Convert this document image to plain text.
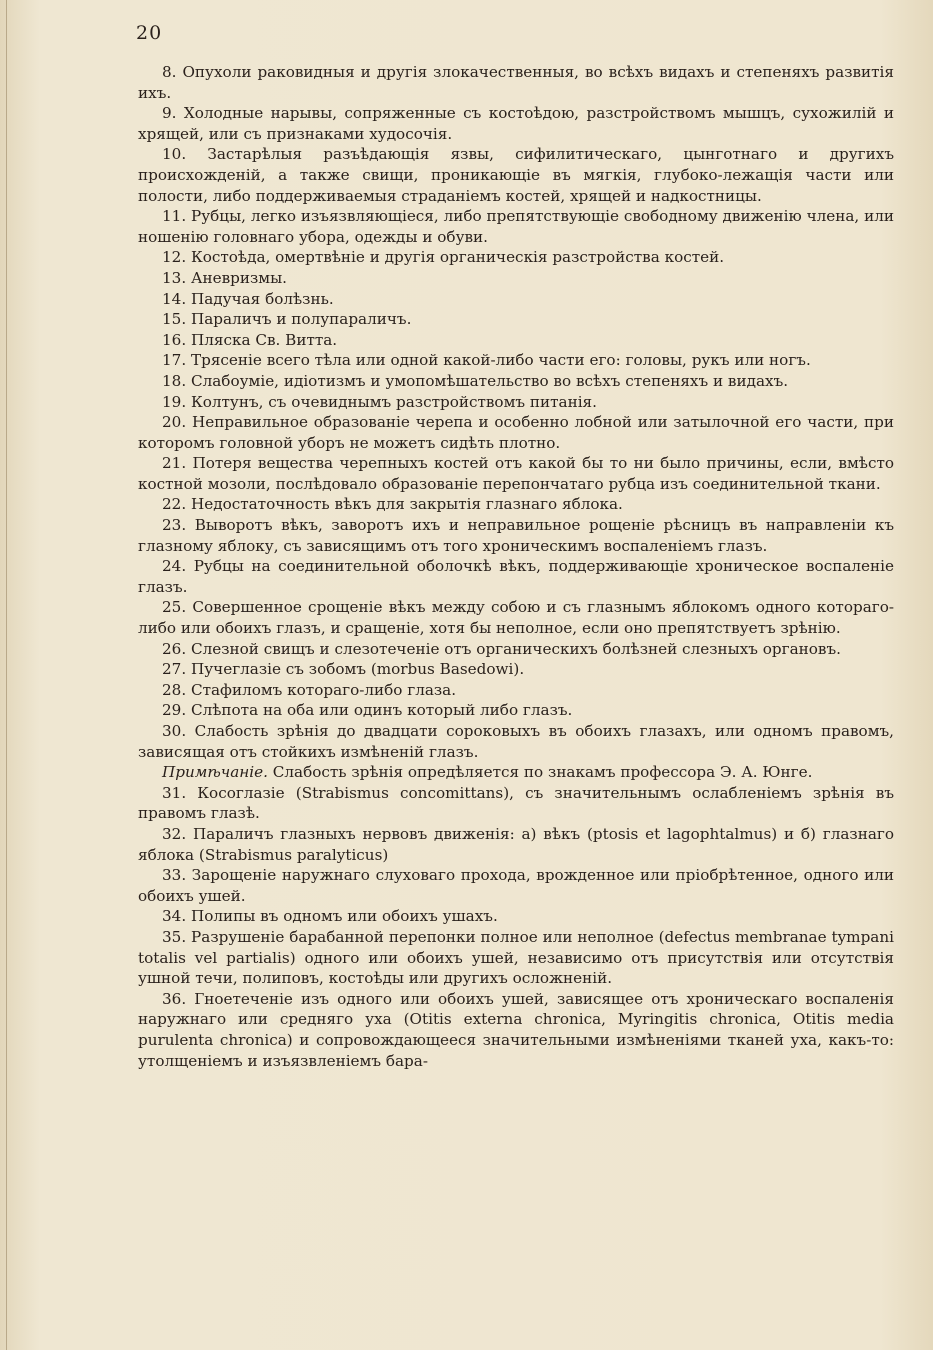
20

8. Опухоли раковидныя и другія злокачественныя, во всѣхъ видахъ и степеняхъ развитія ихъ.

9. Холодные нарывы, сопряженные съ костоѣдою, разстройствомъ мышцъ, сухожилій и хрящей, или съ признаками худосочія.

10. Застарѣлыя разъѣдающія язвы, сифилитическаго, цынготнаго и другихъ происхожденій, а также свищи, проникающіе въ мягкія, глубоко-лежащія части или полости, либо поддерживаемыя страданіемъ костей, хрящей и надкостницы.

11. Рубцы, легко изъязвляющіеся, либо препятствующіе свободному движенію члена, или ношенію головнаго убора, одежды и обуви.

12. Костоѣда, омертвѣніе и другія органическія разстройства костей.

13. Аневризмы.

14. Падучая болѣзнь.

15. Параличъ и полупараличъ.

16. Пляска Св. Витта.

17. Трясеніе всего тѣла или одной какой-либо части его: головы, рукъ или ногъ.

18. Слабоуміе, идіотизмъ и умопомѣшательство во всѣхъ степеняхъ и видахъ.

19. Колтунъ, съ очевиднымъ разстройствомъ питанія.

20. Неправильное образованіе черепа и особенно лобной или затылочной его части, при которомъ головной уборъ не можетъ сидѣть плотно.

21. Потеря вещества черепныхъ костей отъ какой бы то ни было причины, если, вмѣсто костной мозоли, послѣдовало образованіе перепончатаго рубца изъ соединительной ткани.

22. Недостаточность вѣкъ для закрытія глазнаго яблока.

23. Выворотъ вѣкъ, заворотъ ихъ и неправильное рощеніе рѣсницъ въ направленіи къ глазному яблоку, съ зависящимъ отъ того хроническимъ воспаленіемъ глазъ.

24. Рубцы на соединительной оболочкѣ вѣкъ, поддерживающіе хроническое воспаленіе глазъ.

25. Совершенное срощеніе вѣкъ между собою и съ глазнымъ яблокомъ одного котораго-либо или обоихъ глазъ, и сращеніе, хотя бы неполное, если оно препятствуетъ зрѣнію.

26. Слезной свищъ и слезотеченіе отъ органическихъ болѣзней слезныхъ органовъ.

27. Пучеглазіе съ зобомъ (morbus Basedowi).

28. Стафиломъ котораго-либо глаза.

29. Слѣпота на оба или одинъ который либо глазъ.

30. Слабость зрѣнія до двадцати сороковыхъ въ обоихъ глазахъ, или одномъ правомъ, зависящая отъ стойкихъ измѣненій глазъ.

Примѣчаніе. Слабость зрѣнія опредѣляется по знакамъ профессора Э. А. Юнге.

31. Косоглазіе (Strabismus concomittans), съ значительнымъ ослабленіемъ зрѣнія въ правомъ глазѣ.

32. Параличъ глазныхъ нервовъ движенія: а) вѣкъ (ptosis et lagophtalmus) и б) глазнаго яблока (Strabismus paralyticus)

33. Зарощеніе наружнаго слуховаго прохода, врожденное или пріобрѣтенное, одного или обоихъ ушей.

34. Полипы въ одномъ или обоихъ ушахъ.

35. Разрушеніе барабанной перепонки полное или неполное (defectus membranae tympani totalis vel partialis) одного или обоихъ ушей, независимо отъ присутствія или отсутствія ушной течи, полиповъ, костоѣды или другихъ осложненій.

36. Гноетеченіе изъ одного или обоихъ ушей, зависящее отъ хроническаго воспаленія наружнаго или средняго уха (Otitis externa chronica, Myringitis chronica, Otitis media purulenta chronica) и сопровождающееся значительными измѣненіями тканей уха, какъ-то: утолщеніемъ и изъязвленіемъ бара-
